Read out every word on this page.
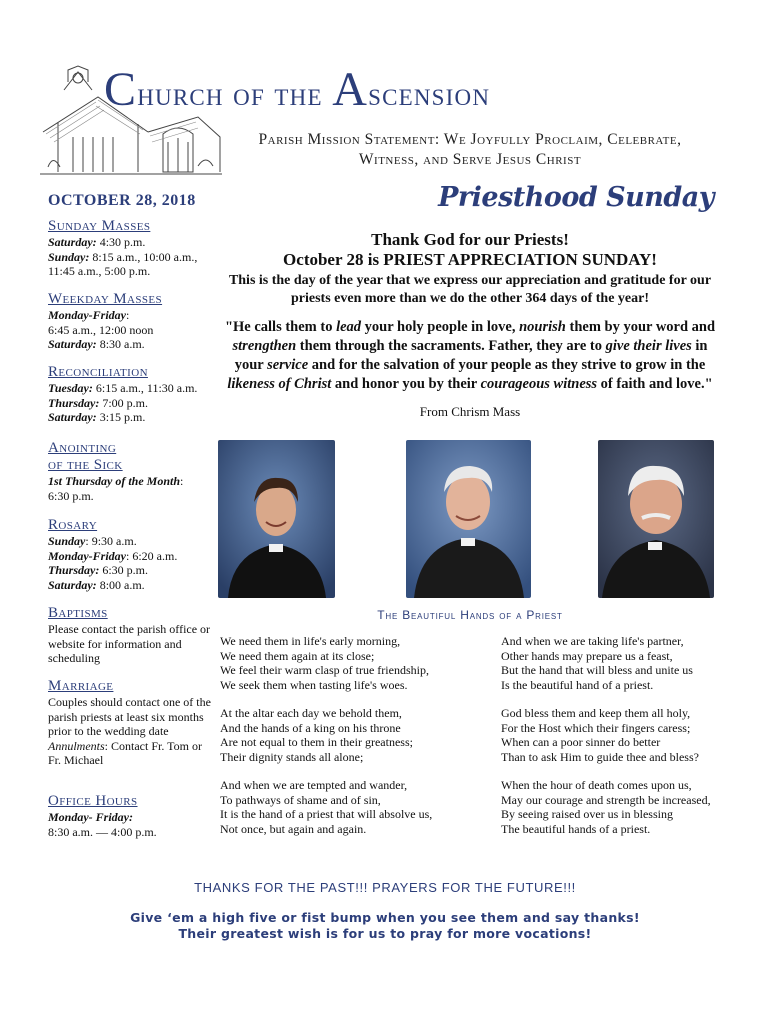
Church of the Ascension
Parish Mission Statement: We Joyfully Proclaim, Celebrate,
Witness, and Serve Jesus Christ
OCTOBER 28, 2018	Priesthood Sunday
Sunday Masses
Saturday: 4:30 p.m.
Sunday: 8:15 a.m., 10:00 a.m.,
11:45 a.m., 5:00 p.m.
Weekday Masses
Monday-Friday:
6:45 a.m., 12:00 noon
Saturday: 8:30 a.m.
Reconciliation
Tuesday: 6:15 a.m., 11:30 a.m.
Thursday: 7:00 p.m.
Saturday: 3:15 p.m.
Anointing
of the Sick
1st Thursday of the Month:
6:30 p.m.
Rosary
Sunday: 9:30 a.m.
Monday-Friday: 6:20 a.m.
Thursday: 6:30 p.m.
Saturday: 8:00 a.m.
Baptisms
Please contact the parish office or website for information and scheduling
Marriage
Couples should contact one of the parish priests at least six months prior to the wedding date
Annulments: Contact Fr. Tom or Fr. Michael
Office Hours
Monday- Friday:
8:30 a.m. — 4:00 p.m.
Thank God for our Priests!
October 28 is PRIEST APPRECIATION SUNDAY!
This is the day of the year that we express our appreciation and gratitude for our priests even more than we do the other 364 days of the year!
"He calls them to lead your holy people in love, nourish them by your word and strengthen them through the sacraments. Father, they are to give their lives in your service and for the salvation of your people as they strive to grow in the likeness of Christ and honor you by their courageous witness of faith and love."
From Chrism Mass
The Beautiful Hands of a Priest
We need them in life's early morning,
We need them again at its close;
We feel their warm clasp of true friendship,
We seek them when tasting life's woes.
At the altar each day we behold them,
And the hands of a king on his throne
Are not equal to them in their greatness;
Their dignity stands all alone;
And when we are tempted and wander,
To pathways of shame and of sin,
It is the hand of a priest that will absolve us,
Not once, but again and again.
And when we are taking life's partner,
Other hands may prepare us a feast,
But the hand that will bless and unite us
Is the beautiful hand of a priest.
God bless them and keep them all holy,
For the Host which their fingers caress;
When can a poor sinner do better
Than to ask Him to guide thee and bless?
When the hour of death comes upon us,
May our courage and strength be increased,
By seeing raised over us in blessing
The beautiful hands of a priest.
THANKS FOR THE PAST!!! PRAYERS FOR THE FUTURE!!!
Give ‘em a high five or fist bump when you see them and say thanks!
Their greatest wish is for us to pray for more vocations!
